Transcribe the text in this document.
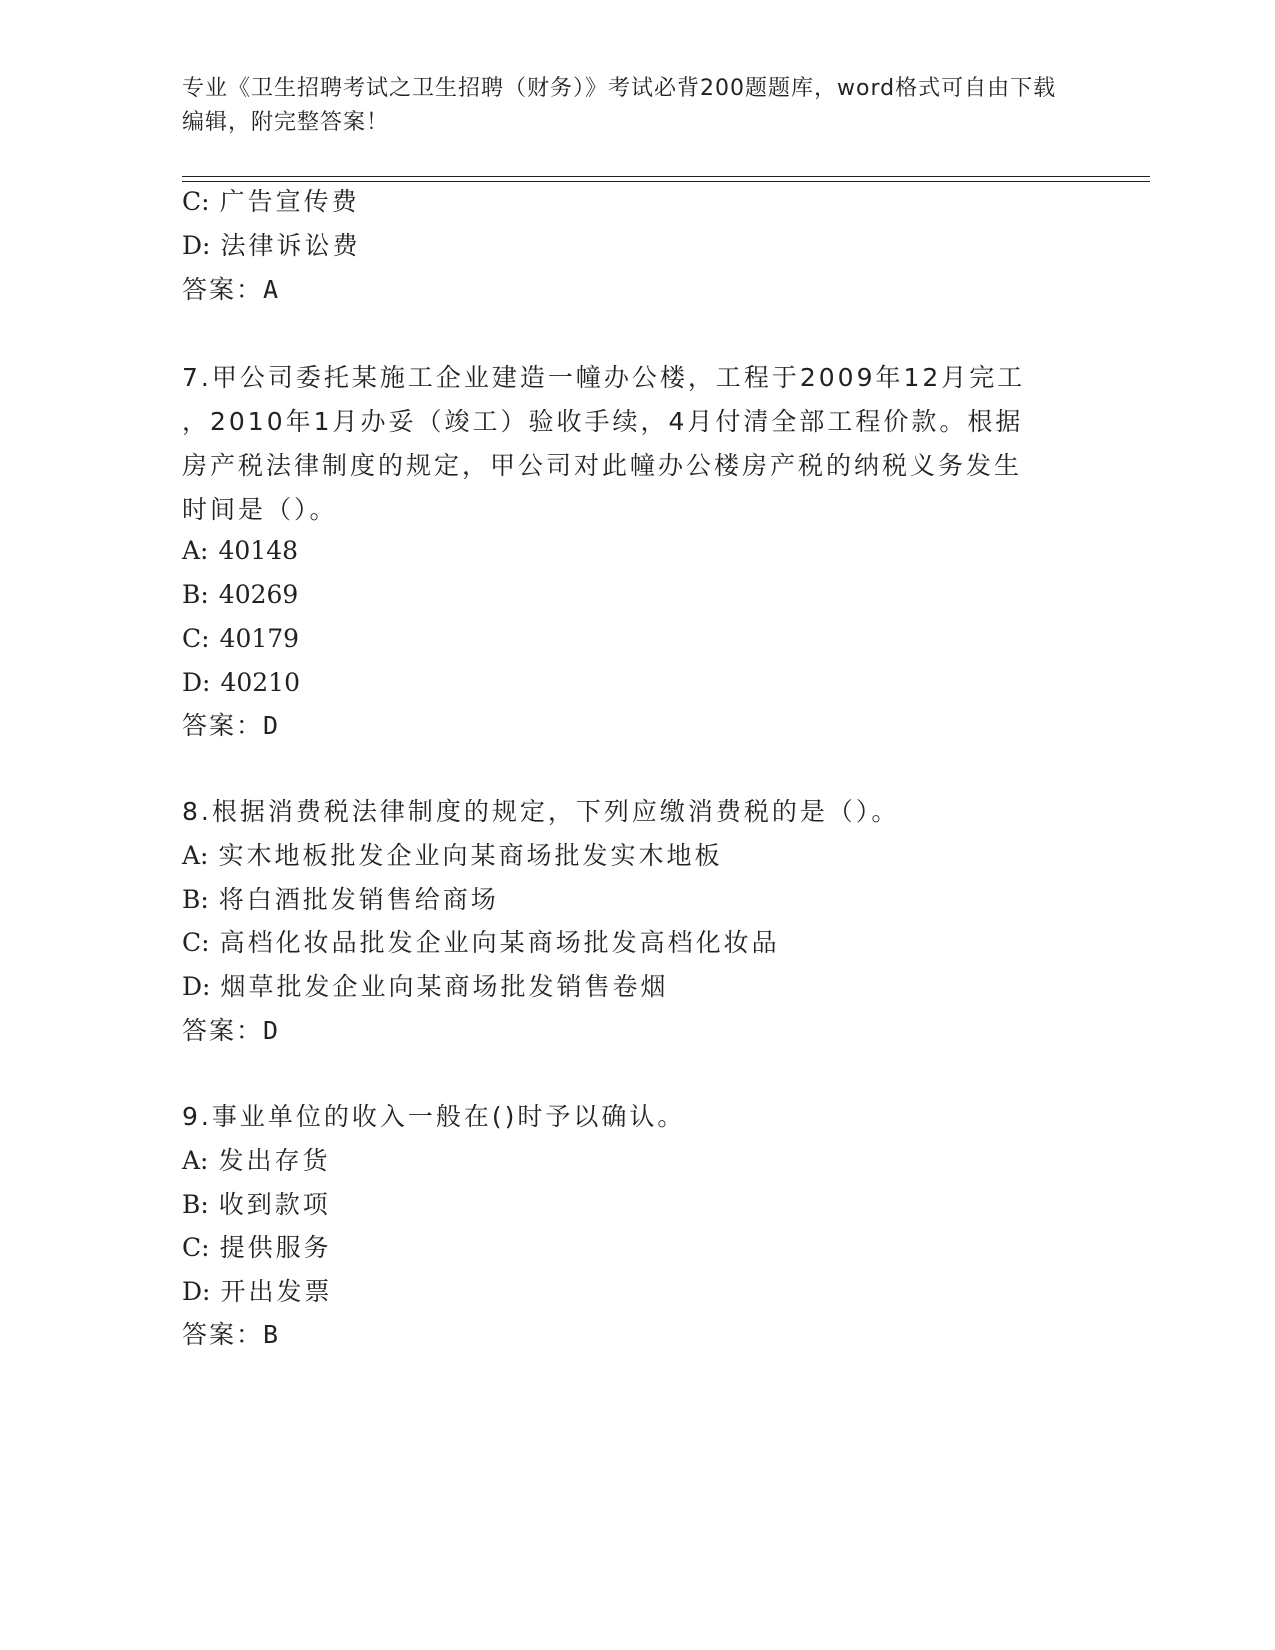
专业《卫生招聘考试之卫生招聘（财务）》考试必背200题题库，word格式可自由下载编辑，附完整答案！
C: 广告宣传费
D: 法律诉讼费
答案：A
7.甲公司委托某施工企业建造一幢办公楼，工程于2009年12月完工
，2010年1月办妥（竣工）验收手续，4月付清全部工程价款。根据
房产税法律制度的规定，甲公司对此幢办公楼房产税的纳税义务发生
时间是（）。
A: 40148
B: 40269
C: 40179
D: 40210
答案：D
8.根据消费税法律制度的规定，下列应缴消费税的是（）。
A: 实木地板批发企业向某商场批发实木地板
B: 将白酒批发销售给商场
C: 高档化妆品批发企业向某商场批发高档化妆品
D: 烟草批发企业向某商场批发销售卷烟
答案：D
9.事业单位的收入一般在()时予以确认。
A: 发出存货
B: 收到款项
C: 提供服务
D: 开出发票
答案：B
